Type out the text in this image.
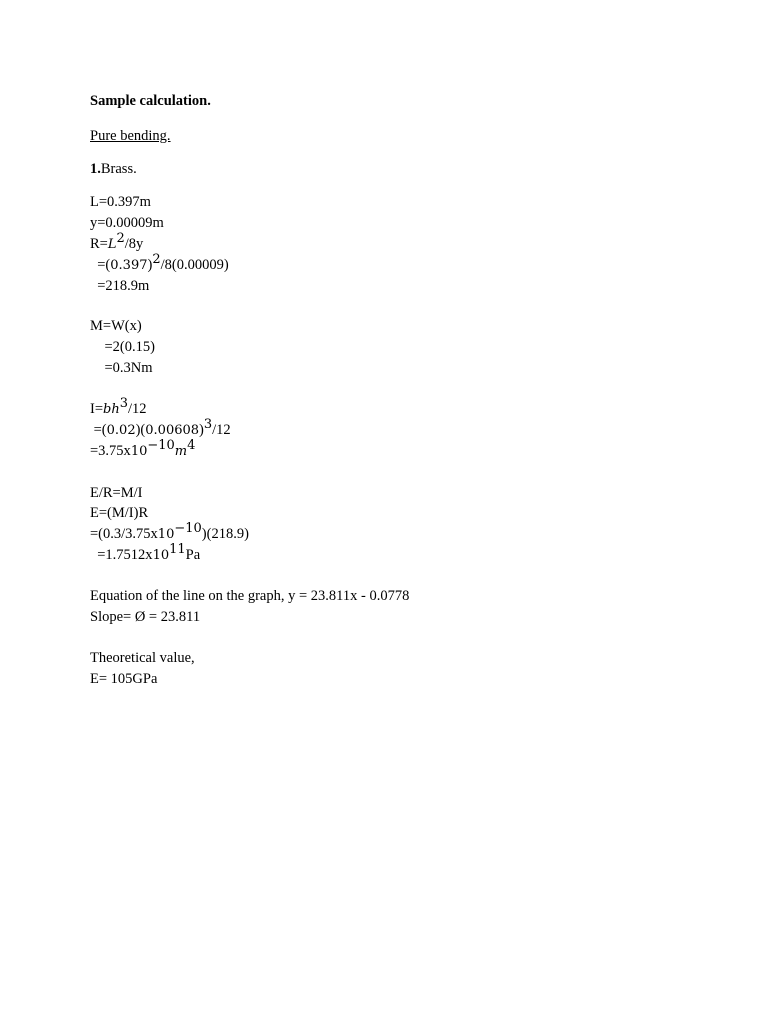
Sample calculation.
Pure bending.
1.Brass.
L=0.397m
y=0.00009m
$R=L^2/8y$
$=(0.397)^2/8(0.00009)$
=218.9m
M=W(x)
=2(0.15)
=0.3Nm
$I=bh^3/12$
$=(0.02)(0.00608)^3/12$
$=3.75x10^{-10}m^4$
E/R=M/I
E=(M/I)R
$=(0.3/3.75x10^{-10})(218.9)$
$=1.7512x10^{11}Pa$
Equation of the line on the graph, y = 23.811x - 0.0778
Slope= Ø = 23.811
Theoretical value,
E= 105GPa
